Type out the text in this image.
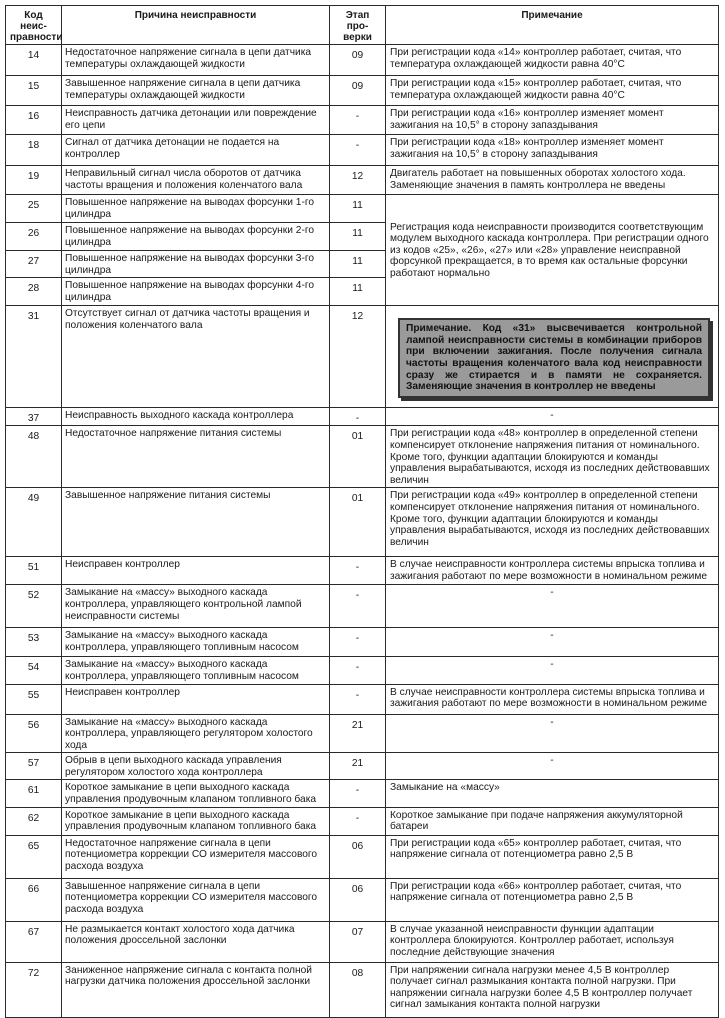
Код неис-правности	Причина неисправности	Этап про-верки	Примечание
14	Недостаточное напряжение сигнала в цепи датчика температуры охлаждающей жидкости	09	При регистрации кода «14» контроллер работает, считая, что температура охлаждающей жидкости равна 40°С
15	Завышенное напряжение сигнала в цепи датчика температуры охлаждающей жидкости	09	При регистрации кода «15» контроллер работает, считая, что температура охлаждающей жидкости равна 40°С
16	Неисправность датчика детонации или повреждение его цепи	-	При регистрации кода «16» контроллер изменяет момент зажигания на 10,5° в сторону запаздывания
18	Сигнал от датчика детонации не подается на контроллер	-	При регистрации кода «18» контроллер изменяет момент зажигания на 10,5° в сторону запаздывания
19	Неправильный сигнал числа оборотов от датчика частоты вращения и положения коленчатого вала	12	Двигатель работает на повышенных оборотах холостого хода. Заменяющие значения в память контроллера не введены
25	Повышенное напряжение на выводах форсунки 1-го цилиндра	11	Регистрация кода неисправности производится соответствующим модулем выходного каскада контроллера. При регистрации одного из кодов «25», «26», «27» или «28» управление неисправной форсункой прекращается, в то время как остальные форсунки работают нормально
26	Повышенное напряжение на выводах форсунки 2-го цилиндра	11	
27	Повышенное напряжение на выводах форсунки 3-го цилиндра	11	
28	Повышенное напряжение на выводах форсунки 4-го цилиндра	11	
31	Отсутствует сигнал от датчика частоты вращения и положения коленчатого вала	12	Примечание. Код «31» высвечивается контрольной лампой неисправности системы в комбинации приборов при включении зажигания. После получения сигнала частоты вращения коленчатого вала код неисправности сразу же стирается и в памяти не сохраняется. Заменяющие значения в контроллер не введены

37	Неисправность выходного каскада контроллера	-	-
48	Недостаточное напряжение питания системы	01	При регистрации кода «48» контроллер в определенной степени компенсирует отклонение напряжения питания от номинального. Кроме того, функции адаптации блокируются и команды управления вырабатываются, исходя из последних действовавших величин
49	Завышенное напряжение питания системы	01	При регистрации кода «49» контроллер в определенной степени компенсирует отклонение напряжения питания от номинального. Кроме того, функции адаптации блокируются и команды управления вырабатываются, исходя из последних действовавших величин
51	Неисправен контроллер	-	В случае неисправности контроллера системы впрыска топлива и зажигания работают по мере возможности в номинальном режиме
52	Замыкание на «массу» выходного каскада контроллера, управляющего контрольной лампой неисправности системы	-	-
53	Замыкание на «массу» выходного каскада контроллера, управляющего топливным насосом	-	-
54	Замыкание на «массу» выходного каскада контроллера, управляющего топливным насосом	-	-
55	Неисправен контроллер	-	В случае неисправности контроллера системы впрыска топлива и зажигания работают по мере возможности в номинальном режиме
56	Замыкание на «массу» выходного каскада контроллера, управляющего регулятором холостого хода	21	-
57	Обрыв в цепи выходного каскада управления регулятором холостого хода контроллера	21	-
61	Короткое замыкание в цепи выходного каскада управления продувочным клапаном топливного бака	-	Замыкание на «массу»
62	Короткое замыкание в цепи выходного каскада управления продувочным клапаном топливного бака	-	Короткое замыкание при подаче напряжения аккумуляторной батареи
65	Недостаточное напряжение сигнала в цепи потенциометра коррекции СО измерителя массового расхода воздуха	06	При регистрации кода «65» контроллер работает, считая, что напряжение сигнала от потенциометра равно 2,5 В
66	Завышенное напряжение сигнала в цепи потенциометра коррекции СО измерителя массового расхода воздуха	06	При регистрации кода «66» контроллер работает, считая, что напряжение сигнала от потенциометра равно 2,5 В
67	Не размыкается контакт холостого хода датчика положения дроссельной заслонки	07	В случае указанной неисправности функции адаптации контроллера блокируются. Контроллер работает, используя последние действующие значения
72	Заниженное напряжение сигнала с контакта полной нагрузки датчика положения дроссельной заслонки	08	При напряжении сигнала нагрузки менее 4,5 В контроллер получает сигнал размыкания контакта полной нагрузки. При напряжении сигнала нагрузки более 4,5 В контроллер получает сигнал замыкания контакта полной нагрузки
